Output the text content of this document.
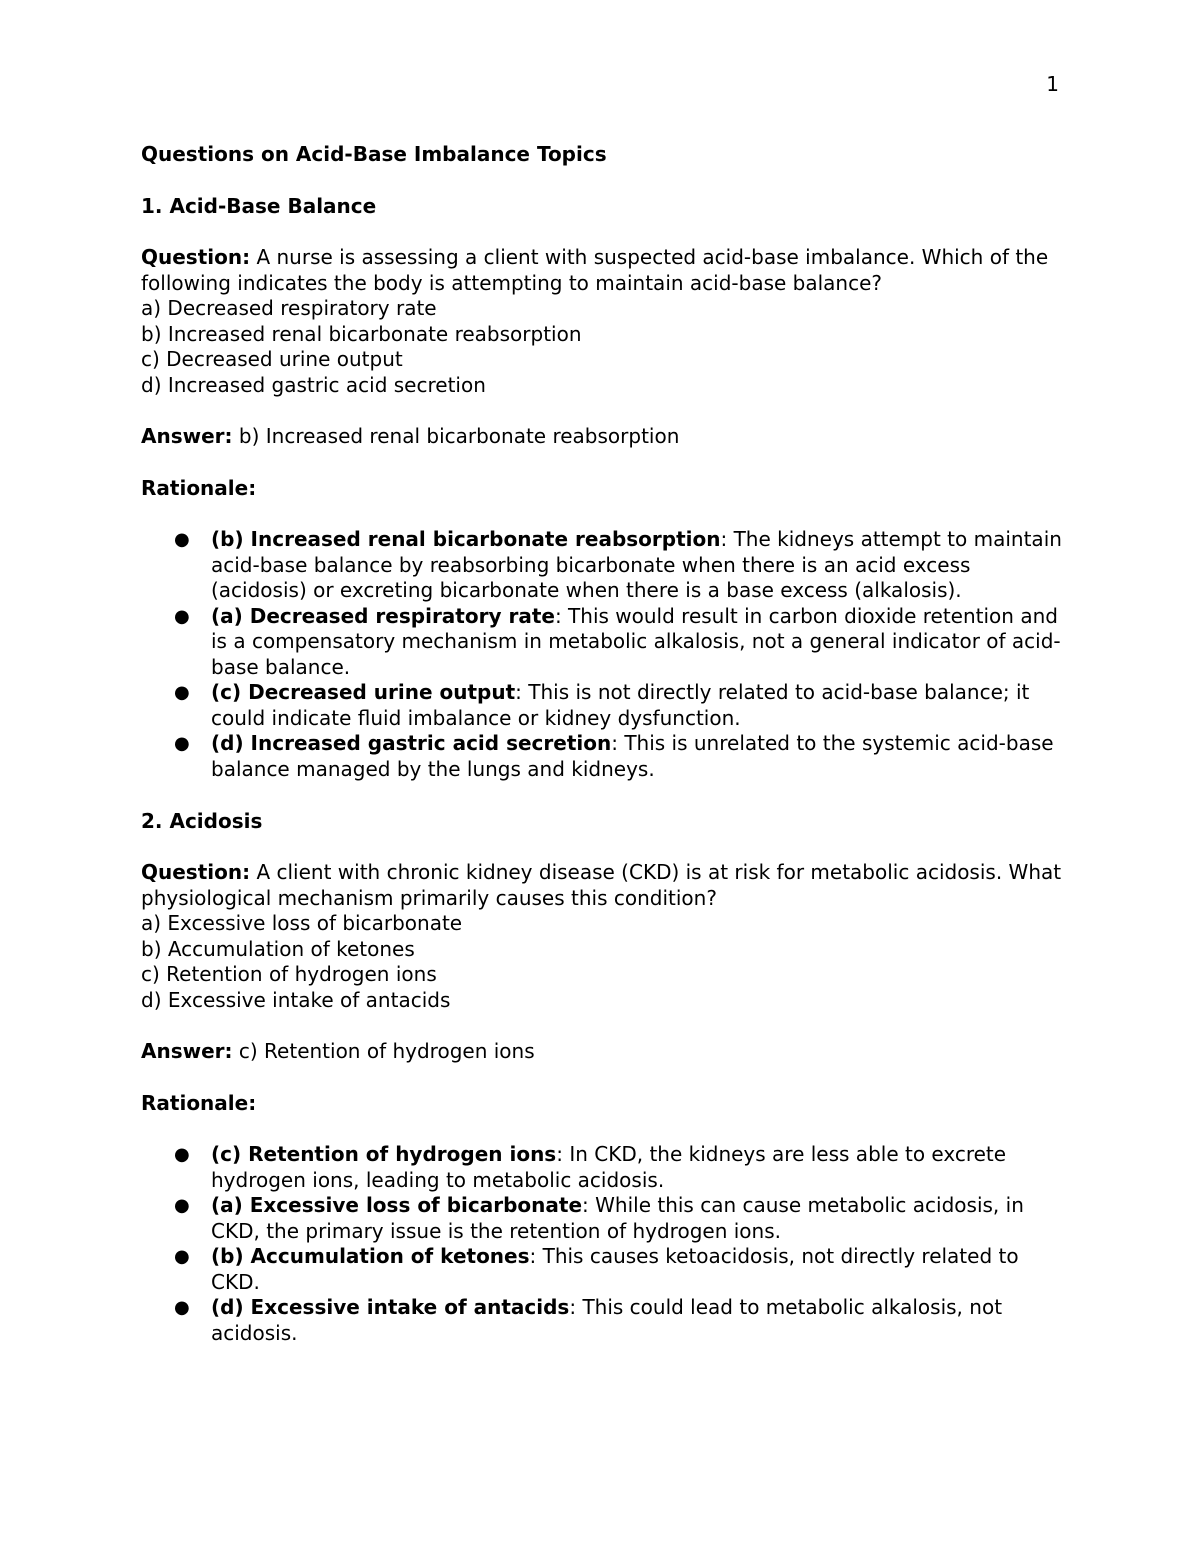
1
Questions on Acid-Base Imbalance Topics
1. Acid-Base Balance
Question: A nurse is assessing a client with suspected acid-base imbalance. Which of the following indicates the body is attempting to maintain acid-base balance?
a) Decreased respiratory rate
b) Increased renal bicarbonate reabsorption
c) Decreased urine output
d) Increased gastric acid secretion
Answer: b) Increased renal bicarbonate reabsorption
Rationale:
● (b) Increased renal bicarbonate reabsorption: The kidneys attempt to maintain acid-base balance by reabsorbing bicarbonate when there is an acid excess (acidosis) or excreting bicarbonate when there is a base excess (alkalosis).
● (a) Decreased respiratory rate: This would result in carbon dioxide retention and is a compensatory mechanism in metabolic alkalosis, not a general indicator of acid-base balance.
● (c) Decreased urine output: This is not directly related to acid-base balance; it could indicate fluid imbalance or kidney dysfunction.
● (d) Increased gastric acid secretion: This is unrelated to the systemic acid-base balance managed by the lungs and kidneys.
2. Acidosis
Question: A client with chronic kidney disease (CKD) is at risk for metabolic acidosis. What physiological mechanism primarily causes this condition?
a) Excessive loss of bicarbonate
b) Accumulation of ketones
c) Retention of hydrogen ions
d) Excessive intake of antacids
Answer: c) Retention of hydrogen ions
Rationale:
● (c) Retention of hydrogen ions: In CKD, the kidneys are less able to excrete hydrogen ions, leading to metabolic acidosis.
● (a) Excessive loss of bicarbonate: While this can cause metabolic acidosis, in CKD, the primary issue is the retention of hydrogen ions.
● (b) Accumulation of ketones: This causes ketoacidosis, not directly related to CKD.
● (d) Excessive intake of antacids: This could lead to metabolic alkalosis, not acidosis.
